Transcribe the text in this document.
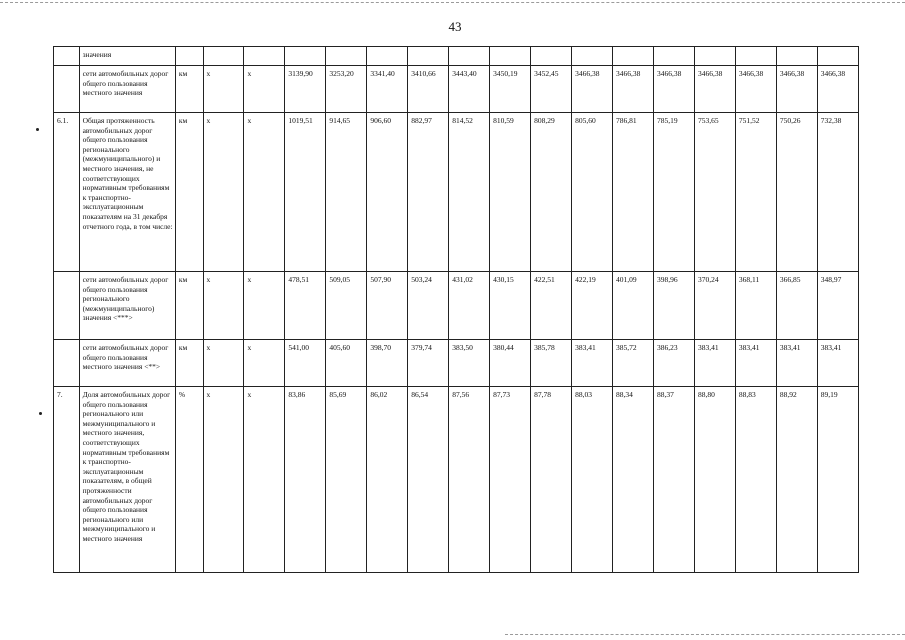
43
	значения																	
	сети автомобильных дорог общего пользования местного значения	км	х	х	3139,90	3253,20	3341,40	3410,66	3443,40	3450,19	3452,45	3466,38	3466,38	3466,38	3466,38	3466,38	3466,38	3466,38
6.1.	Общая протяженность автомобильных дорог общего пользования регионального (межмуниципального) и местного значения, не соответствующих нормативным требованиям к транспортно-эксплуатационным показателям на 31 декабря отчетного года, в том числе:	км	х	х	1019,51	914,65	906,60	882,97	814,52	810,59	808,29	805,60	786,81	785,19	753,65	751,52	750,26	732,38
	сети автомобильных дорог общего пользования регионального (межмуниципального) значения <***>	км	х	х	478,51	509,05	507,90	503,24	431,02	430,15	422,51	422,19	401,09	398,96	370,24	368,11	366,85	348,97
	сети автомобильных дорог общего пользования местного значения <**>	км	х	х	541,00	405,60	398,70	379,74	383,50	380,44	385,78	383,41	385,72	386,23	383,41	383,41	383,41	383,41
7.	Доля автомобильных дорог общего пользования регионального или межмуниципального и местного значения, соответствующих нормативным требованиям к транспортно-эксплуатационным показателям, в общей протяженности автомобильных дорог общего пользования регионального или межмуниципального и местного значения	%	х	х	83,86	85,69	86,02	86,54	87,56	87,73	87,78	88,03	88,34	88,37	88,80	88,83	88,92	89,19
